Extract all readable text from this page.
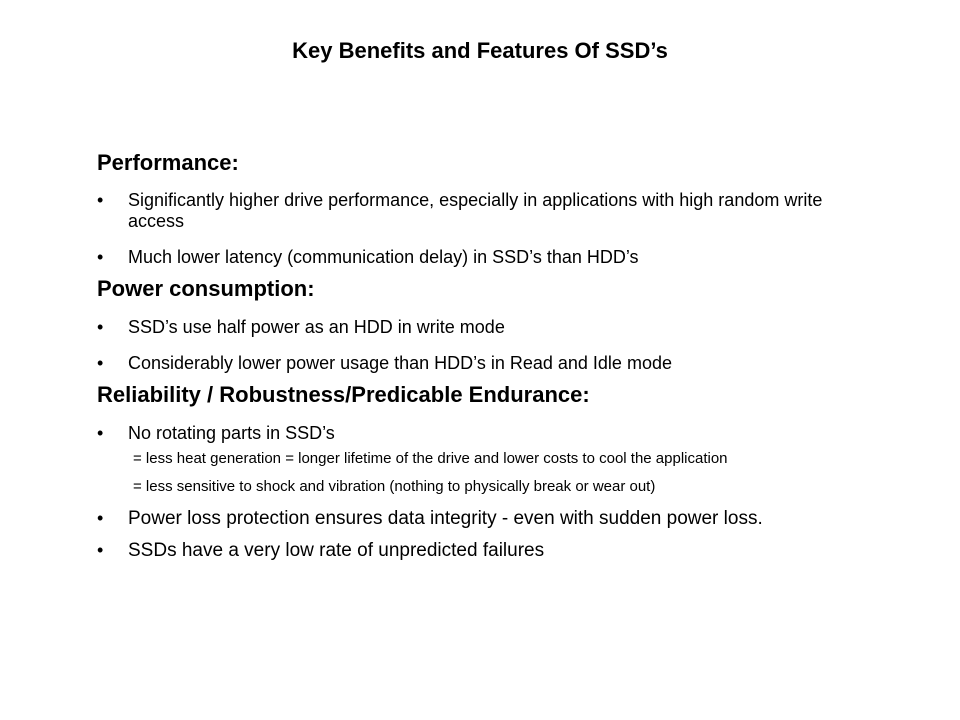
Key Benefits and Features Of SSD’s
Performance:
•	Significantly higher drive performance, especially in applications with high random write access
•	Much lower latency (communication delay) in SSD’s than HDD’s
Power consumption:
•	SSD’s use half power as an HDD in write mode
•	Considerably lower power usage than HDD’s in Read and Idle mode
Reliability / Robustness/Predicable Endurance:
•	No rotating parts in SSD’s
= less heat generation = longer lifetime of the drive and lower costs to cool the application
= less sensitive to shock and vibration (nothing to physically break or wear out)
•	Power loss protection ensures data integrity - even with sudden power loss.
•	SSDs have a very low rate of unpredicted failures
